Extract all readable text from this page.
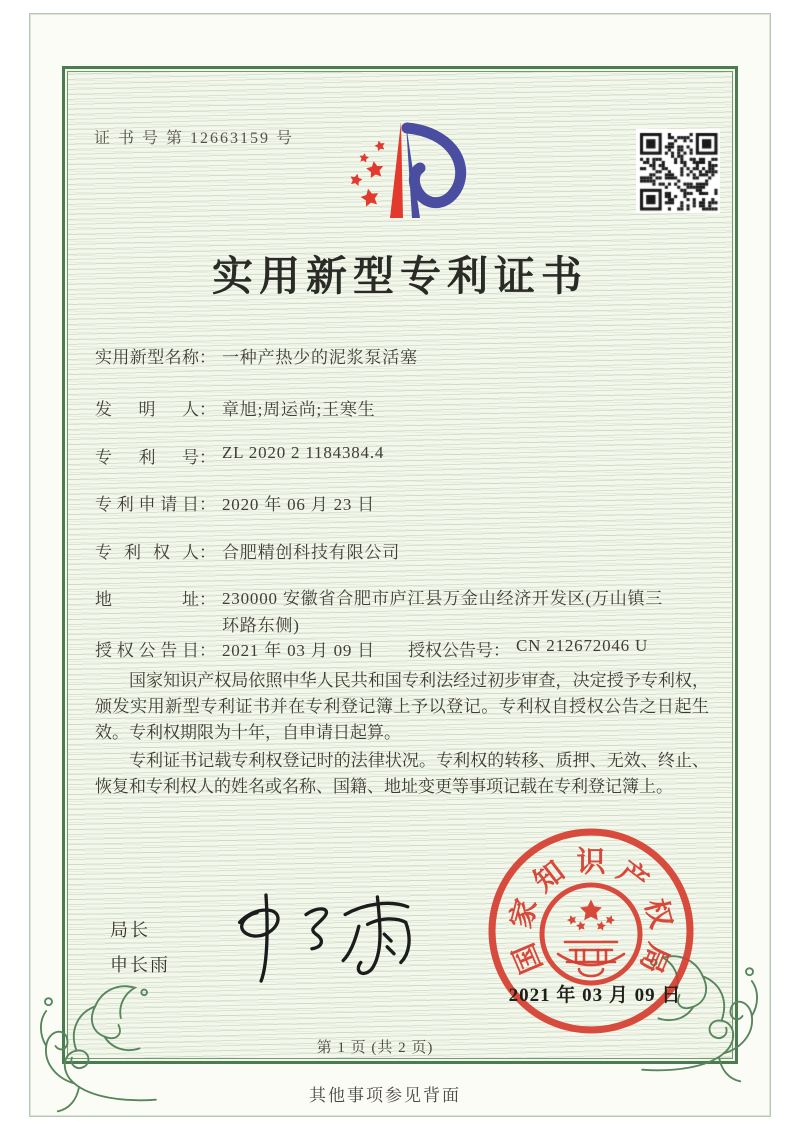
证 书 号 第 12663159 号
实用新型专利证书
实用新型名称 ： 一种产热少的泥浆泵活塞
发明人 ： 章旭;周运尚;王寒生
专利号 ： ZL 2020 2 1184384.4
专利申请日 ： 2020 年 06 月 23 日
专利权人 ： 合肥精创科技有限公司
地址 ： 230000 安徽省合肥市庐江县万金山经济开发区(万山镇三环路东侧)
授权公告日 ： 2021 年 03 月 09 日	授权公告号 ： CN 212672046 U

国家知识产权局依照中华人民共和国专利法经过初步审查，决定授予专利权，颁发实用新型专利证书并在专利登记簿上予以登记。专利权自授权公告之日起生效。专利权期限为十年，自申请日起算。

专利证书记载专利权登记时的法律状况。专利权的转移、质押、无效、终止、恢复和专利权人的姓名或名称、国籍、地址变更等事项记载在专利登记簿上。

局长
申长雨	国
家
知 识 产
权
局
2021 年 03 月 09 日
第 1 页 (共 2 页)
其他事项参见背面
